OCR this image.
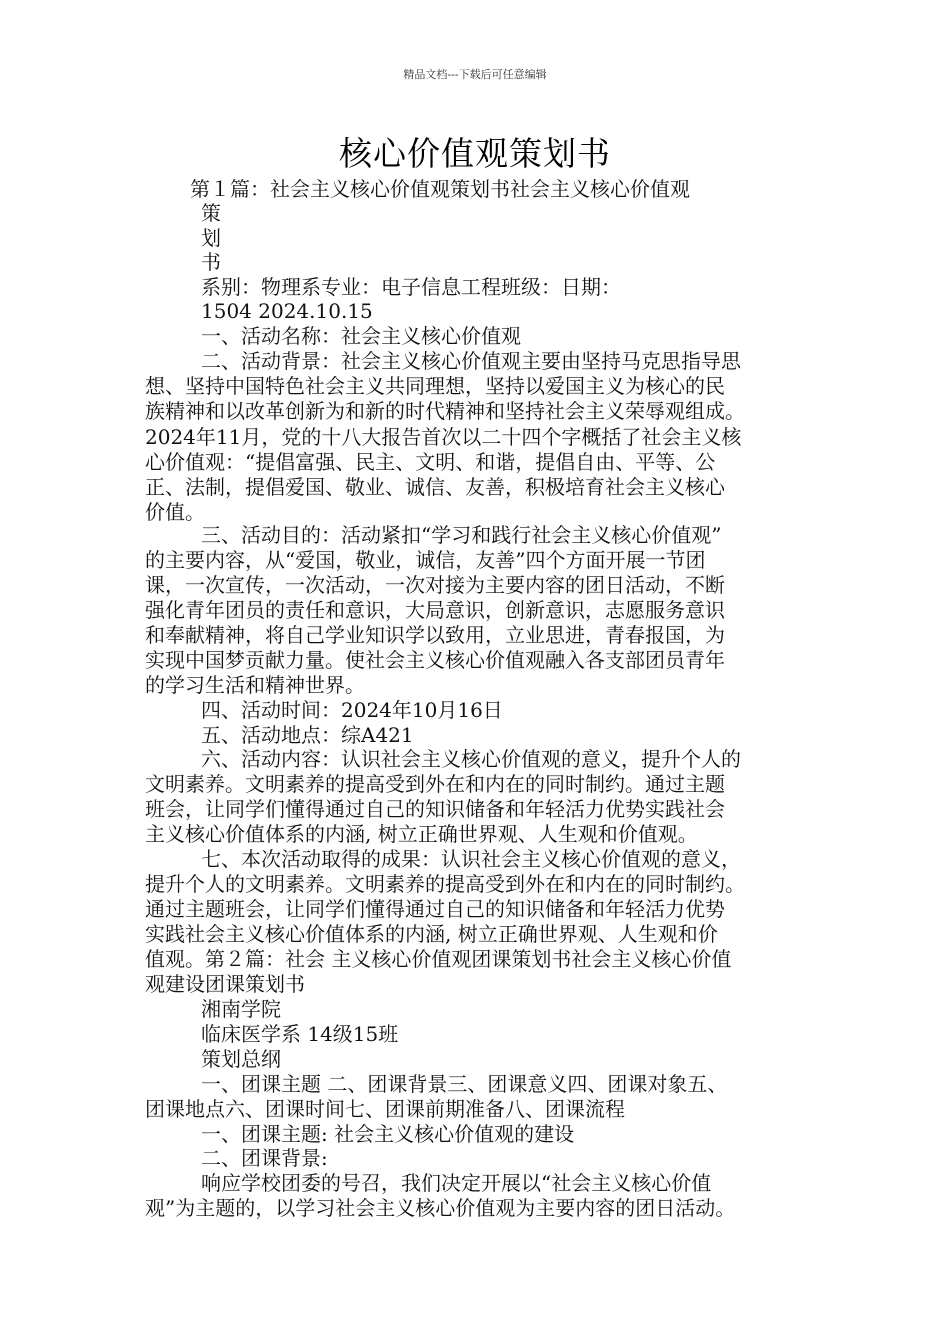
精品文档---下载后可任意编辑
核心价值观策划书
第１篇：社会主义核心价值观策划书社会主义核心价值观
策
划
书
系别：物理系专业：电子信息工程班级：日期：
1504 2024.10.15
一、活动名称：社会主义核心价值观
二、活动背景：社会主义核心价值观主要由坚持马克思指导思
想、坚持中国特色社会主义共同理想，坚持以爱国主义为核心的民
族精神和以改革创新为和新的时代精神和坚持社会主义荣辱观组成。
2024年11月，党的十八大报告首次以二十四个字概括了社会主义核
心价值观：“提倡富强、民主、文明、和谐，提倡自由、平等、公
正、法制，提倡爱国、敬业、诚信、友善，积极培育社会主义核心
价值。
三、活动目的：活动紧扣“学习和践行社会主义核心价值观”
的主要内容，从“爱国，敬业，诚信，友善”四个方面开展一节团
课，一次宣传，一次活动，一次对接为主要内容的团日活动，不断
强化青年团员的责任和意识，大局意识，创新意识，志愿服务意识
和奉献精神，将自己学业知识学以致用，立业思进，青春报国，为
实现中国梦贡献力量。使社会主义核心价值观融入各支部团员青年
的学习生活和精神世界。
四、活动时间：2024年10月16日
五、活动地点：综A421
六、活动内容：认识社会主义核心价值观的意义，提升个人的
文明素养。文明素养的提高受到外在和内在的同时制约。通过主题
班会，让同学们懂得通过自己的知识储备和年轻活力优势实践社会
主义核心价值体系的内涵, 树立正确世界观、人生观和价值观。
七、本次活动取得的成果：认识社会主义核心价值观的意义，
提升个人的文明素养。文明素养的提高受到外在和内在的同时制约。
通过主题班会，让同学们懂得通过自己的知识储备和年轻活力优势
实践社会主义核心价值体系的内涵, 树立正确世界观、人生观和价
值观。第２篇：社会 主义核心价值观团课策划书社会主义核心价值
观建设团课策划书
湘南学院
临床医学系 14级15班
策划总纲
一、团课主题 二、团课背景三、团课意义四、团课对象五、
团课地点六、团课时间七、团课前期准备八、团课流程
一、团课主题: 社会主义核心价值观的建设
二、团课背景:
响应学校团委的号召，我们决定开展以“社会主义核心价值
观”为主题的，以学习社会主义核心价值观为主要内容的团日活动。
